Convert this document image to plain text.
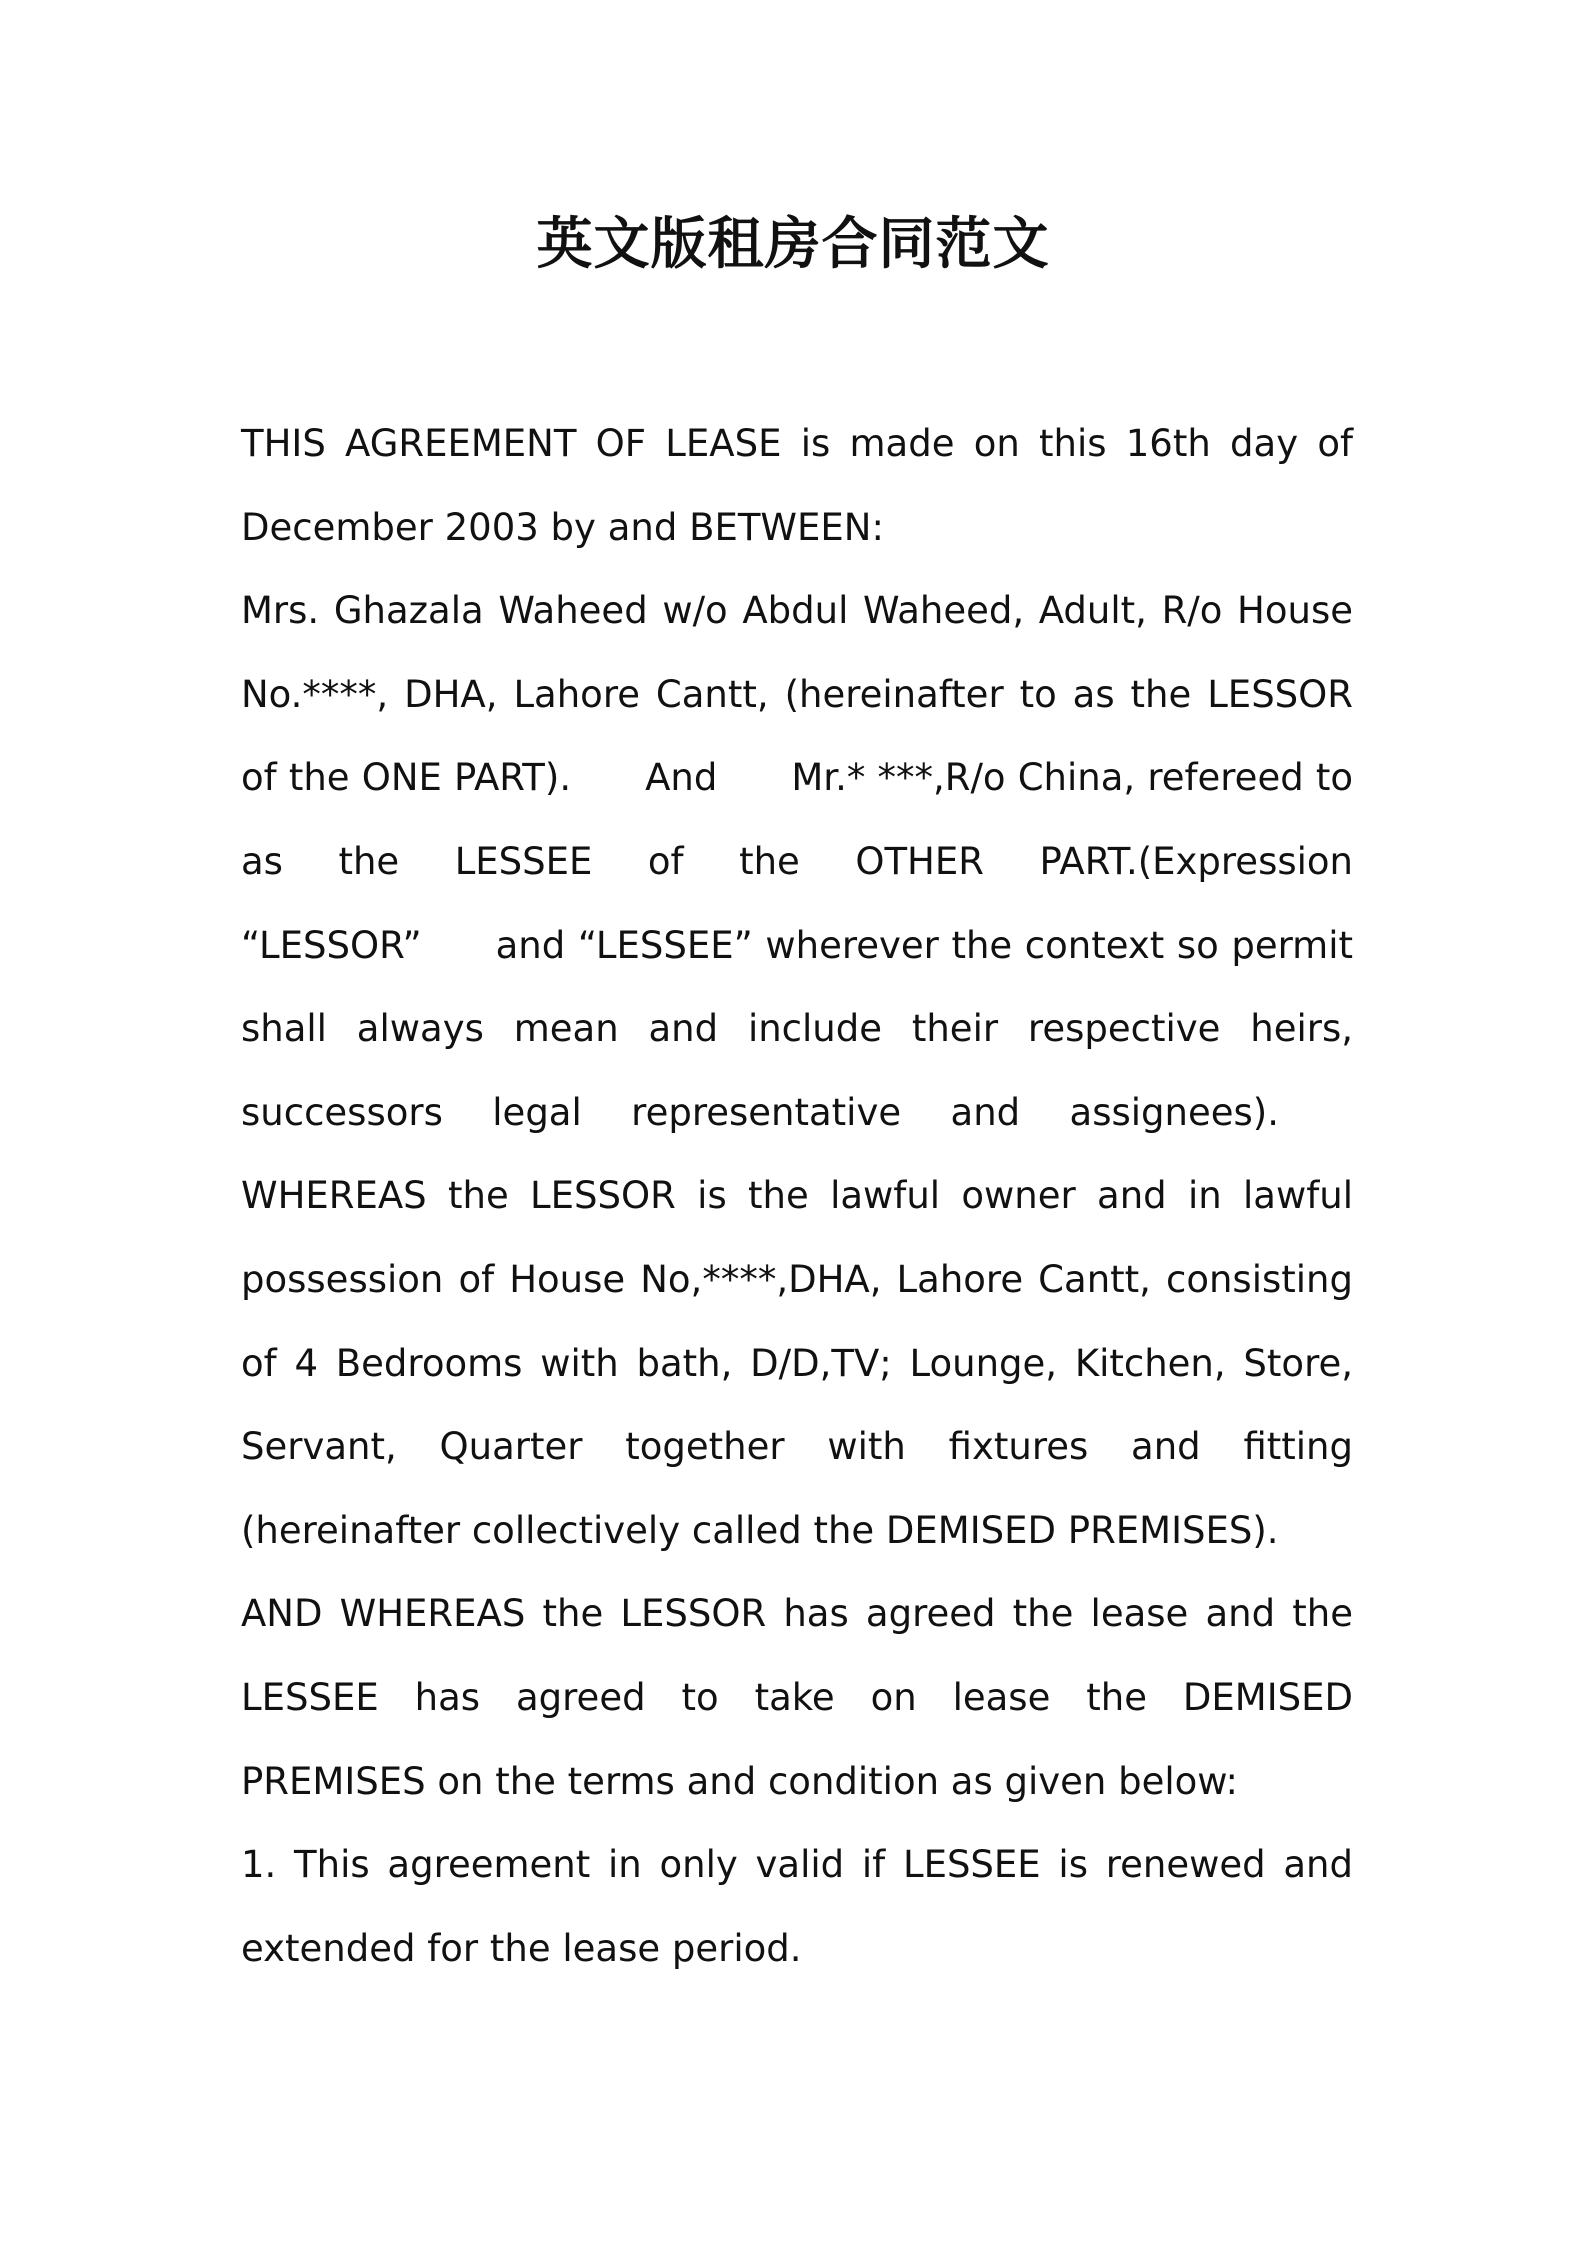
英文版租房合同范文

THIS AGREEMENT OF LEASE is made on this 16th day of December 2003 by and BETWEEN:

Mrs. Ghazala Waheed w/o Abdul Waheed, Adult, R/o House No.****, DHA, Lahore Cantt, (hereinafter to as the LESSOR of the ONE PART).  And  Mr.* ***,R/o China, refereed to as the LESSEE of the OTHER PART.(Expression “LESSOR”  and “LESSEE” wherever the context so permit shall always mean and include their respective heirs, successors legal representative and assignees).  WHEREAS the LESSOR is the lawful owner and in lawful possession of House No,****,DHA, Lahore Cantt, consisting of 4 Bedrooms with bath, D/D,TV; Lounge, Kitchen, Store, Servant, Quarter together with fixtures and fitting (hereinafter collectively called the DEMISED PREMISES).

AND WHEREAS the LESSOR has agreed the lease and the LESSEE has agreed to take on lease the DEMISED PREMISES on the terms and condition as given below:

1. This agreement in only valid if LESSEE is renewed and extended for the lease period.
